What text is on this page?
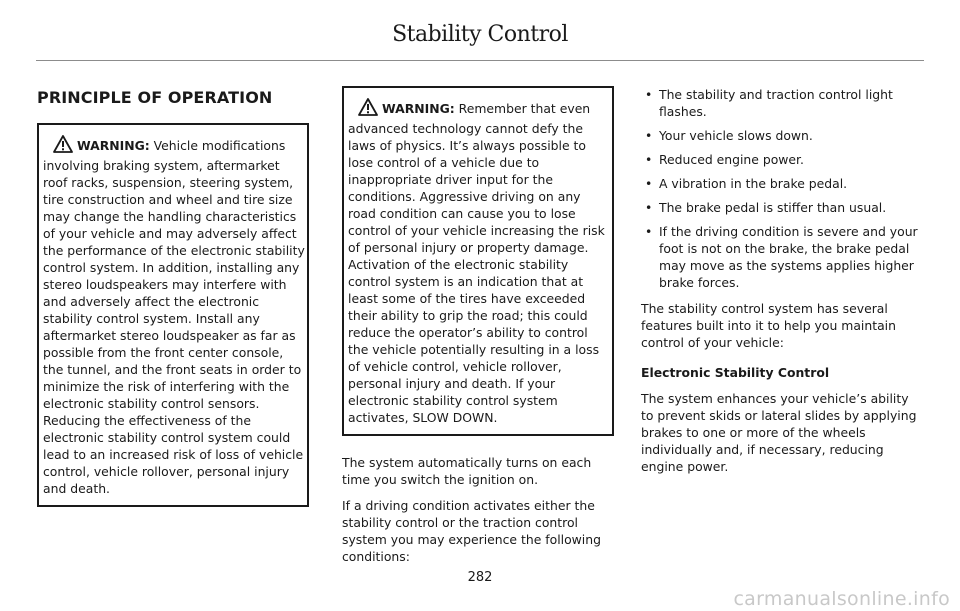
Stability Control
PRINCIPLE OF OPERATION
WARNING: Vehicle modifications involving braking system, aftermarket roof racks, suspension, steering system, tire construction and wheel and tire size may change the handling characteristics of your vehicle and may adversely affect the performance of the electronic stability control system. In addition, installing any stereo loudspeakers may interfere with and adversely affect the electronic stability control system. Install any aftermarket stereo loudspeaker as far as possible from the front center console, the tunnel, and the front seats in order to minimize the risk of interfering with the electronic stability control sensors. Reducing the effectiveness of the electronic stability control system could lead to an increased risk of loss of vehicle control, vehicle rollover, personal injury and death.
WARNING: Remember that even advanced technology cannot defy the laws of physics. It’s always possible to lose control of a vehicle due to inappropriate driver input for the conditions. Aggressive driving on any road condition can cause you to lose control of your vehicle increasing the risk of personal injury or property damage. Activation of the electronic stability control system is an indication that at least some of the tires have exceeded their ability to grip the road; this could reduce the operator’s ability to control the vehicle potentially resulting in a loss of vehicle control, vehicle rollover, personal injury and death. If your electronic stability control system activates, SLOW DOWN.

The system automatically turns on each time you switch the ignition on.

If a driving condition activates either the stability control or the traction control system you may experience the following conditions:

• The stability and traction control light flashes.
• Your vehicle slows down.
• Reduced engine power.
• A vibration in the brake pedal.
• The brake pedal is stiffer than usual.
• If the driving condition is severe and your foot is not on the brake, the brake pedal may move as the systems applies higher brake forces.

The stability control system has several features built into it to help you maintain control of your vehicle:

Electronic Stability Control

The system enhances your vehicle’s ability to prevent skids or lateral slides by applying brakes to one or more of the wheels individually and, if necessary, reducing engine power.

282
carmanualsonline.info
